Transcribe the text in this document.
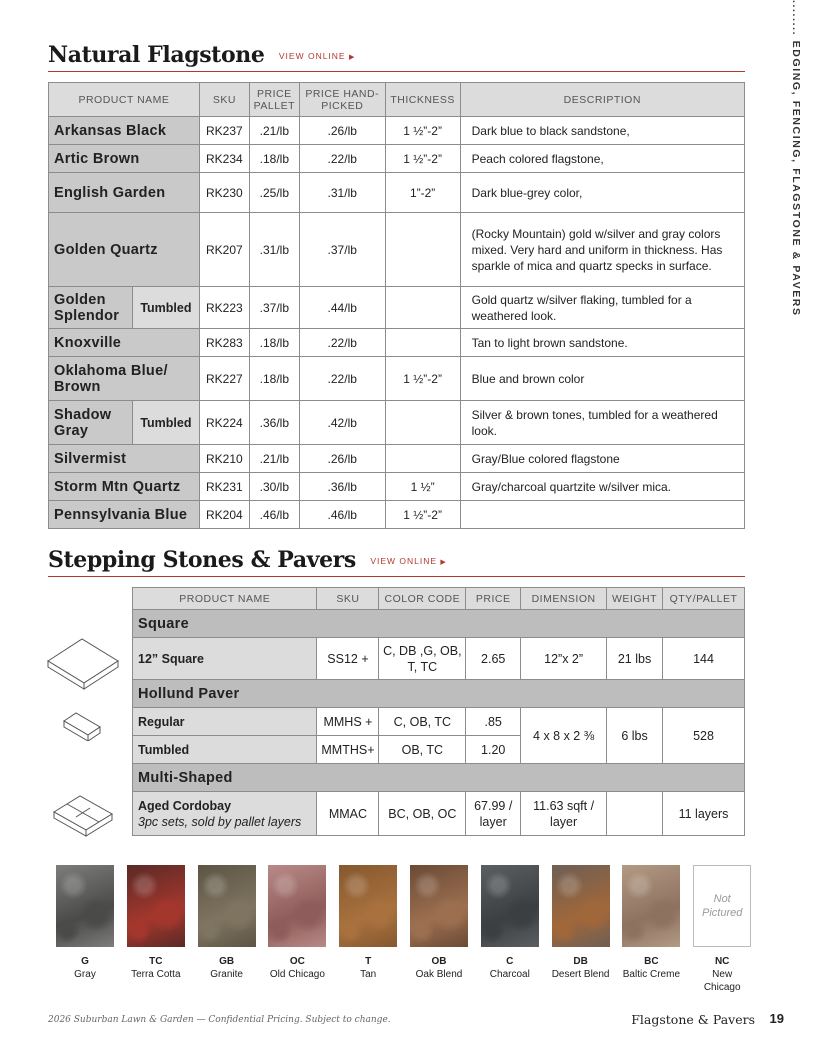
........ EDGING, FENCING, FLAGSTONE & PAVERS
Natural Flagstone VIEW ONLINE ▶
PRODUCT NAME		SKU	PRICE PALLET	PRICE HAND-PICKED	THICKNESS	DESCRIPTION
Arkansas Black		RK237	.21/lb	.26/lb	1 ½”-2”	Dark blue to black sandstone,
Artic Brown		RK234	.18/lb	.22/lb	1 ½”-2”	Peach colored flagstone,
English Garden		RK230	.25/lb	.31/lb	1”-2”	Dark blue-grey color,
Golden Quartz		RK207	.31/lb	.37/lb		(Rocky Mountain) gold w/silver and gray colors mixed. Very hard and uniform in thickness. Has sparkle of mica and quartz specks in surface.
Golden Splendor	Tumbled	RK223	.37/lb	.44/lb		Gold quartz w/silver flaking, tumbled for a weathered look.
Knoxville		RK283	.18/lb	.22/lb		Tan to light brown sandstone.
Oklahoma Blue/ Brown		RK227	.18/lb	.22/lb	1 ½”-2”	Blue and brown color
Shadow Gray	Tumbled	RK224	.36/lb	.42/lb		Silver & brown tones, tumbled for a weathered look.
Silvermist		RK210	.21/lb	.26/lb		Gray/Blue colored flagstone
Storm Mtn Quartz		RK231	.30/lb	.36/lb	1 ½”	Gray/charcoal quartzite w/silver mica.
Pennsylvania Blue		RK204	.46/lb	.46/lb	1 ½”-2”	
Stepping Stones & Pavers VIEW ONLINE ▶
PRODUCT NAME	SKU	COLOR CODE	PRICE	DIMENSION	WEIGHT	QTY/PALLET
Square						
12” Square	SS12 +	C, DB ,G, OB, T, TC	2.65	12”x 2”	21 lbs	144
Hollund Paver						
Regular	MMHS +	C, OB, TC	.85	4 x 8 x 2 ⅜	6 lbs	528
Tumbled	MMTHS+	OB, TC	1.20			
Multi-Shaped						

Aged Cordobay
3pc sets, sold by pallet layers	MMAC	BC, OB, OC	67.99 / layer	11.63 sqft / layer		11 layers
G
Gray
TC
Terra Cotta
GB
Granite
OC
Old Chicago
T
Tan
OB
Oak Blend
C
Charcoal
DB
Desert Blend
BC
Baltic Creme
Not Pictured
NC
New Chicago
2026 Suburban Lawn & Garden — Confidential Pricing. Subject to change.	Flagstone & Pavers 19
